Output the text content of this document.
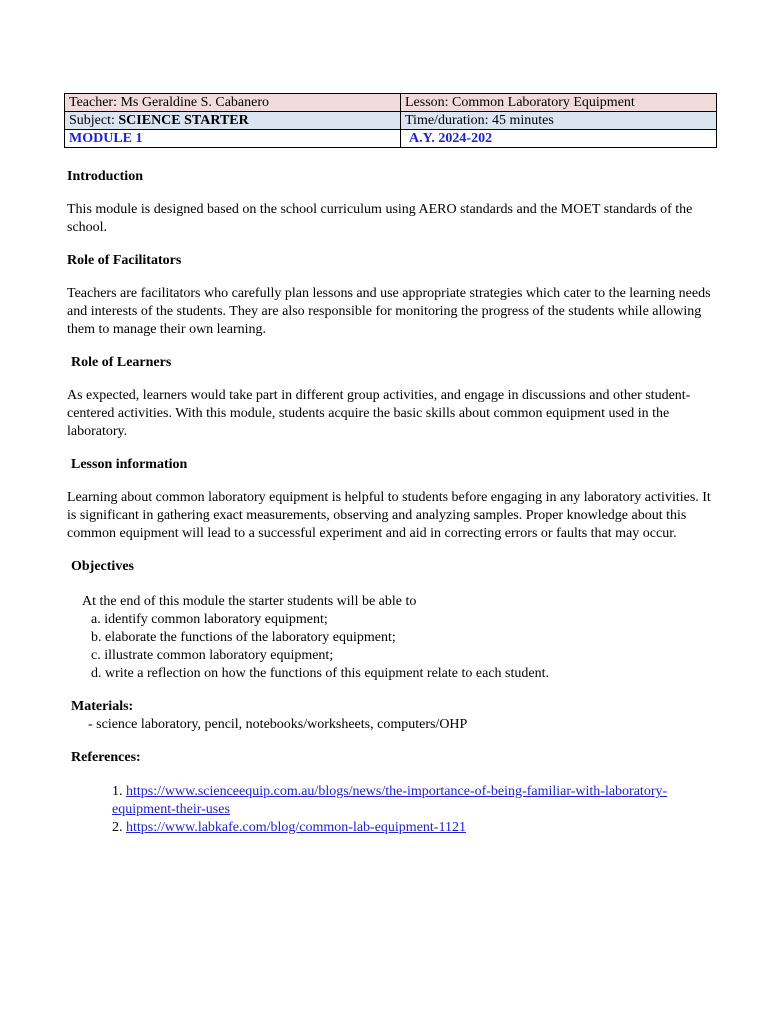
Teacher: Ms Geraldine S. Cabanero	Lesson: Common Laboratory Equipment
Subject: SCIENCE STARTER	Time/duration: 45 minutes
MODULE 1	A.Y. 2024-202
Introduction

This module is designed based on the school curriculum using AERO standards and the MOET standards of the school.

Role of Facilitators

Teachers are facilitators who carefully plan lessons and use appropriate strategies which cater to the learning needs and interests of the students. They are also responsible for monitoring the progress of the students while allowing them to manage their own learning.

Role of Learners

As expected, learners would take part in different group activities, and engage in discussions and other student-centered activities. With this module, students acquire the basic skills about common equipment used in the laboratory.

Lesson information

Learning about common laboratory equipment is helpful to students before engaging in any laboratory activities. It is significant in gathering exact measurements, observing and analyzing samples. Proper knowledge about this common equipment will lead to a successful experiment and aid in correcting errors or faults that may occur.

Objectives

At the end of this module the starter students will be able to

a. identify common laboratory equipment;
b. elaborate the functions of the laboratory equipment;
c. illustrate common laboratory equipment;
d. write a reflection on how the functions of this equipment relate to each student.
Materials:

- science laboratory, pencil, notebooks/worksheets, computers/OHP

References:
1. https://www.scienceequip.com.au/blogs/news/the-importance-of-being-familiar-with-laboratory-
equipment-their-uses
2. https://www.labkafe.com/blog/common-lab-equipment-1121
